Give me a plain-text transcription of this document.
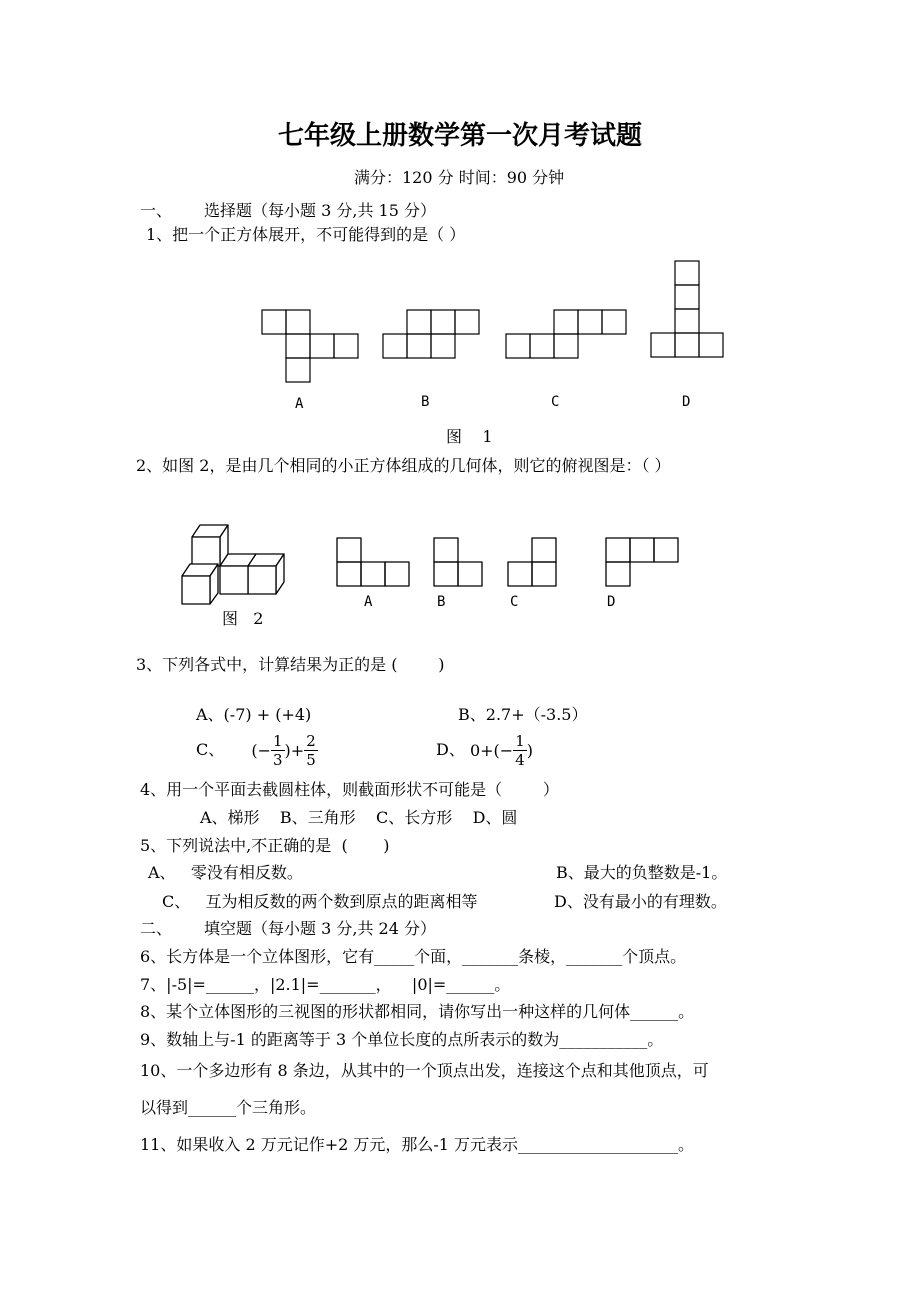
七年级上册数学第一次月考试题
满分：120 分 时间：90 分钟
一、 选择题（每小题 3 分,共 15 分）
1、把一个正方体展开，不可能得到的是（ ）
A	B	C	D
图    1
2、如图 2，是由几个相同的小正方体组成的几何体，则它的俯视图是：（ ）
图   2
A	B	C	D
3、下列各式中，计算结果为正的是 (        )
A、(-7) + (+4)	B、2.7+（-3.5）
C、 (− $\frac{1}{3}$ )+ $\frac{2}{5}$	D、 $0+(- \frac{1}{4}$ )
4、用一个平面去截圆柱体，则截面形状不可能是（        ）
A、梯形    B、三角形    C、长方形    D、圆
5、下列说法中,不正确的是  (       )
A、   零没有相反数。	B、最大的负整数是-1。
C、   互为相反数的两个数到原点的距离相等	D、没有最小的有理数。
二、 填空题（每小题 3 分,共 24 分）
6、长方体是一个立体图形，它有_____个面，_______条棱，_______个顶点。
7、|-5|=______，|2.1|=_______，    |0|=______。
8、某个立体图形的三视图的形状都相同，请你写出一种这样的几何体______。
9、数轴上与-1 的距离等于 3 个单位长度的点所表示的数为___________。
10、一个多边形有 8 条边，从其中的一个顶点出发，连接这个点和其他顶点，可
以得到______个三角形。
11、如果收入 2 万元记作+2 万元，那么-1 万元表示____________________。
